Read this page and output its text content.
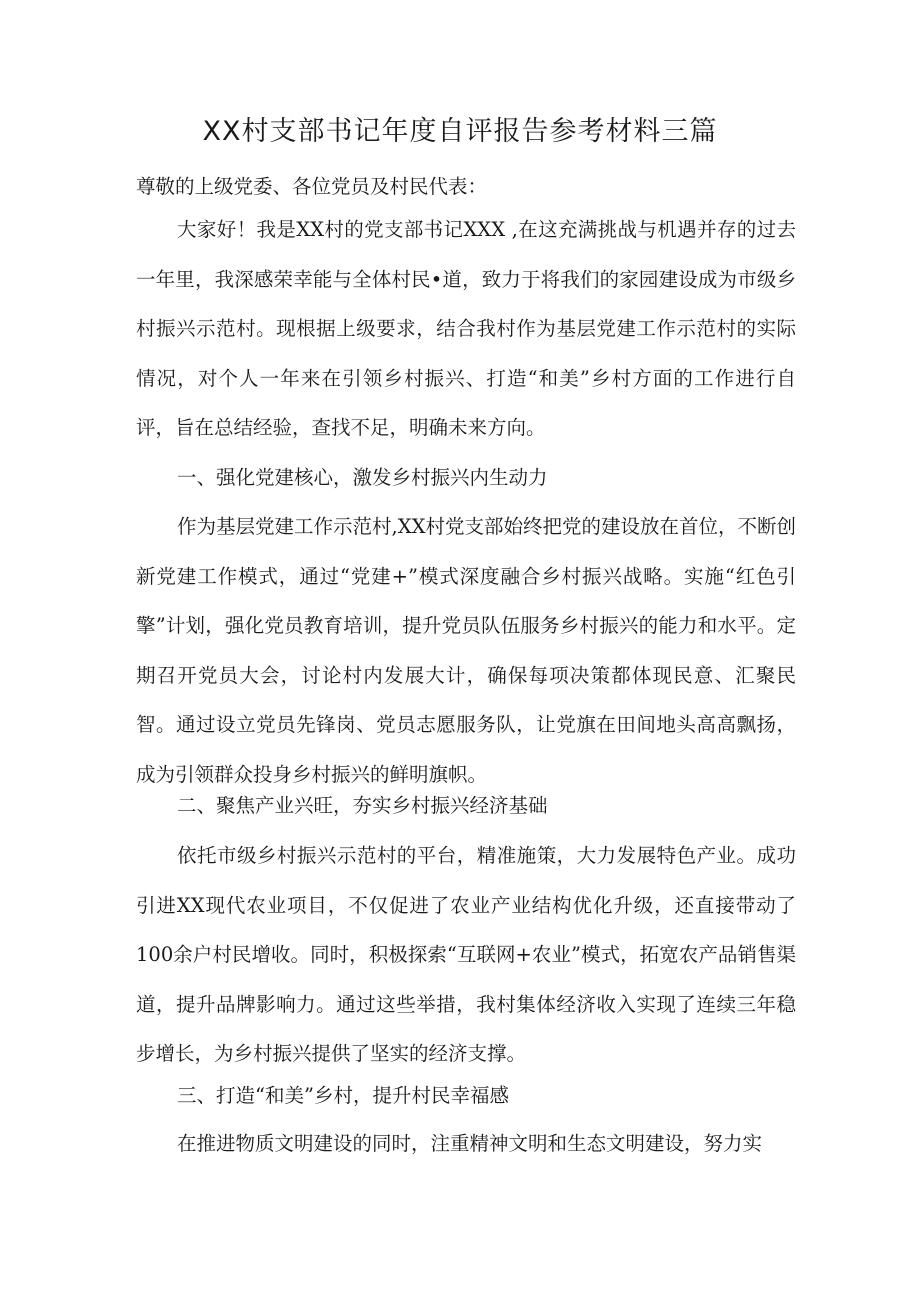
XX村支部书记年度自评报告参考材料三篇

尊敬的上级党委、各位党员及村民代表：

大家好！我是XX村的党支部书记XXX ,在这充满挑战与机遇并存的过去一年里，我深感荣幸能与全体村民•道，致力于将我们的家园建设成为市级乡村振兴示范村。现根据上级要求，结合我村作为基层党建工作示范村的实际情况，对个人一年来在引领乡村振兴、打造“和美”乡村方面的工作进行自评，旨在总结经验，查找不足，明确未来方向。

一、强化党建核心，激发乡村振兴内生动力

作为基层党建工作示范村,XX村党支部始终把党的建设放在首位，不断创新党建工作模式，通过“党建+”模式深度融合乡村振兴战略。实施“红色引擎”计划，强化党员教育培训，提升党员队伍服务乡村振兴的能力和水平。定期召开党员大会，讨论村内发展大计，确保每项决策都体现民意、汇聚民智。通过设立党员先锋岗、党员志愿服务队，让党旗在田间地头高高飘扬，成为引领群众投身乡村振兴的鲜明旗帜。

二、聚焦产业兴旺，夯实乡村振兴经济基础

依托市级乡村振兴示范村的平台，精准施策，大力发展特色产业。成功引进XX现代农业项目，不仅促进了农业产业结构优化升级，还直接带动了100余户村民增收。同时，积极探索“互联网+农业”模式，拓宽农产品销售渠道，提升品牌影响力。通过这些举措，我村集体经济收入实现了连续三年稳步增长，为乡村振兴提供了坚实的经济支撑。

三、打造“和美”乡村，提升村民幸福感

在推进物质文明建设的同时，注重精神文明和生态文明建设，努力实
